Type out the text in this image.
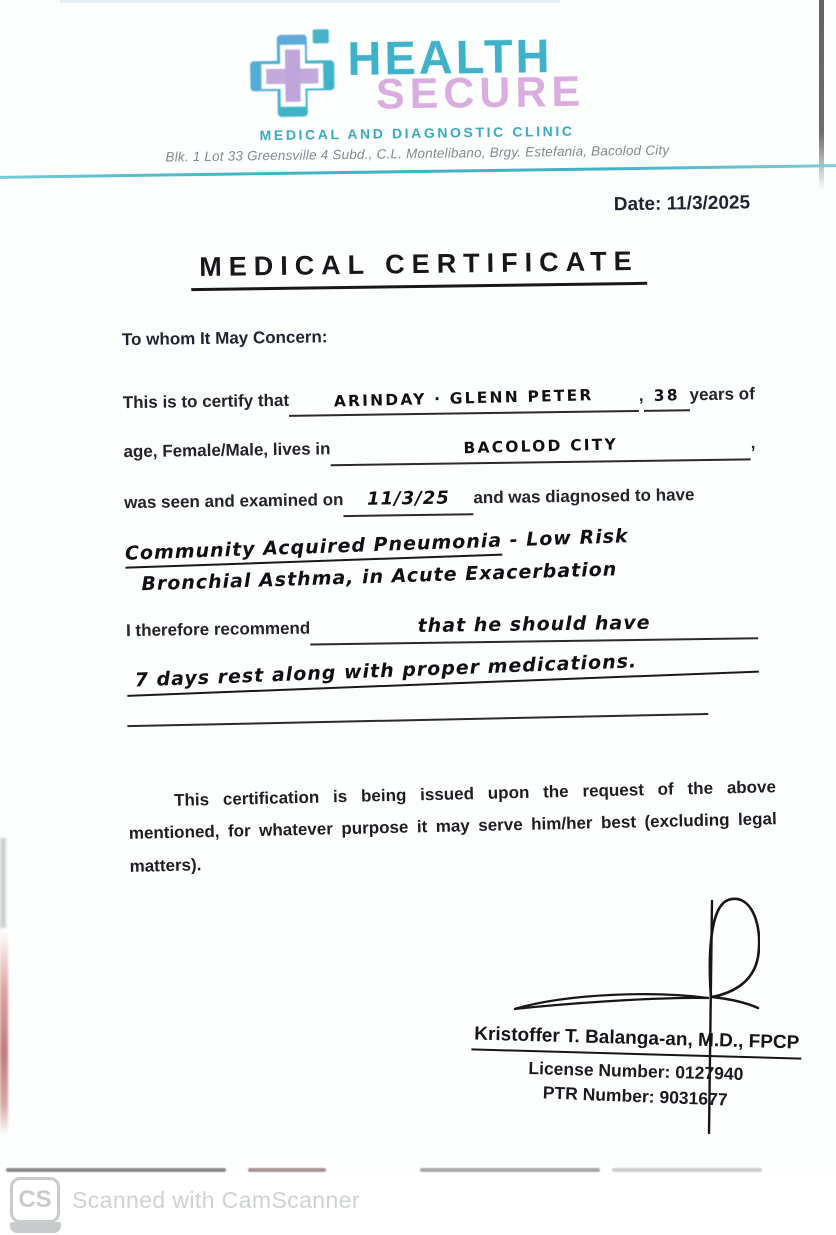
HEALTH
SECURE
MEDICAL AND DIAGNOSTIC CLINIC
Blk. 1 Lot 33 Greensville 4 Subd., C.L. Montelibano, Brgy. Estefania, Bacolod City
Date: 11/3/2025
MEDICAL CERTIFICATE
To whom It May Concern:
This is to certify that	ARINDAY · GLENN PETER	, 38 years of
age, Female/Male, lives in	BACOLOD CITY	,
was seen and examined on	11/3/25	and was diagnosed to have
Community Acquired Pneumonia - Low Risk
Bronchial Asthma, in Acute Exacerbation
I therefore recommend	that he should have
7 days rest along with proper medications.

This certification is being issued upon the request of the above mentioned, for whatever purpose it may serve him/her best (excluding legal matters).

Kristoffer T. Balanga-an, M.D., FPCP
License Number: 0127940
PTR Number: 9031677
CS Scanned with CamScanner
